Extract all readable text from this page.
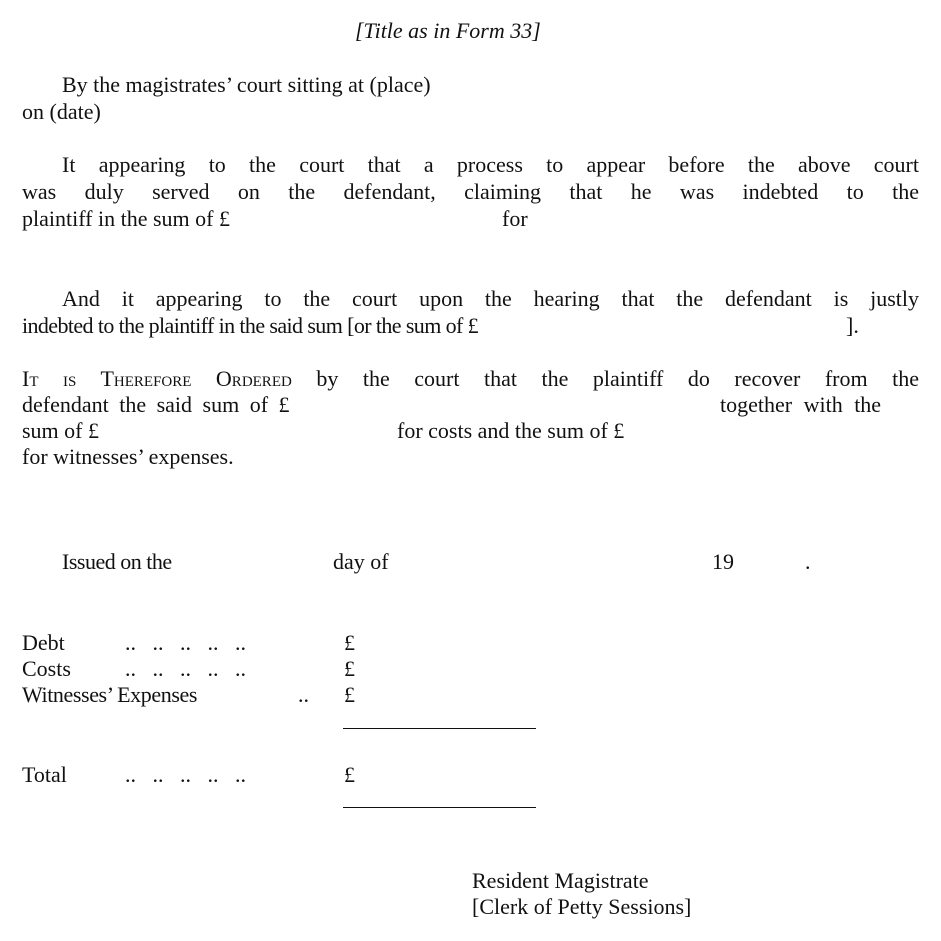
[Title as in Form 33]
By the magistrates’ court sitting at (place)
on (date)
It appearing to the court that a process to appear before the above court
was duly served on the defendant, claiming that he was indebted to the
plaintiff in the sum of £	for
And it appearing to the court upon the hearing that the defendant is justly
indebted to the plaintiff in the said sum [or the sum of £	].
It is Therefore Ordered by the court that the plaintiff do recover from the
defendant the said sum of £	together with the
sum of £	for costs and the sum of £
for witnesses’ expenses.
Issued on the	day of	19	.
Debt	..   ..   ..   ..   ..	£
Costs ..   ..   ..   ..   ..	£
Witnesses’ Expenses	.. £
Total	..   ..   ..   ..   ..	£
Resident Magistrate
[Clerk of Petty Sessions]
